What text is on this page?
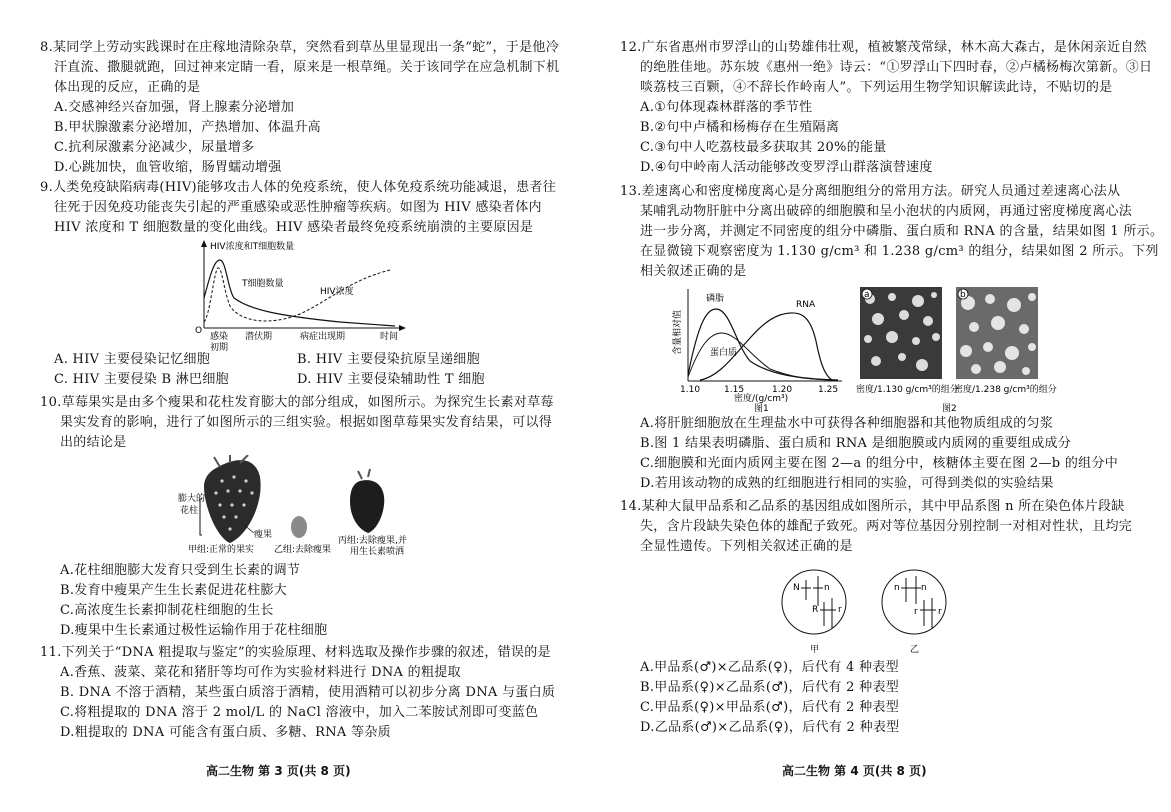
8.某同学上劳动实践课时在庄稼地清除杂草，突然看到草丛里显现出一条“蛇”，于是他冷
汗直流、撒腿就跑，回过神来定睛一看，原来是一根草绳。关于该同学在应急机制下机
体出现的反应，正确的是
A.交感神经兴奋加强，肾上腺素分泌增加
B.甲状腺激素分泌增加，产热增加、体温升高
C.抗利尿激素分泌减少，尿量增多
D.心跳加快，血管收缩，肠胃蠕动增强
9.人类免疫缺陷病毒(HIV)能够攻击人体的免疫系统，使人体免疫系统功能减退，患者往
往死于因免疫功能丧失引起的严重感染或恶性肿瘤等疾病。如图为 HIV 感染者体内
HIV 浓度和 T 细胞数量的变化曲线。HIV 感染者最终免疫系统崩溃的主要原因是
HIV浓度和T细胞数量
O
T细胞数量
HIV浓度
感染
初期
潜伏期	病症出现期	时间
A. HIV 主要侵染记忆细胞	B. HIV 主要侵染抗原呈递细胞
C. HIV 主要侵染 B 淋巴细胞	D. HIV 主要侵染辅助性 T 细胞
10.草莓果实是由多个瘦果和花柱发育膨大的部分组成，如图所示。为探究生长素对草莓
果实发育的影响，进行了如图所示的三组实验。根据如图草莓果实发育结果，可以得
出的结论是
膨大的
花柱
瘦果
甲组:正常的果实 乙组:去除瘦果
丙组:去除瘦果,并
用生长素喷洒
A.花柱细胞膨大发育只受到生长素的调节
B.发育中瘦果产生生长素促进花柱膨大
C.高浓度生长素抑制花柱细胞的生长
D.瘦果中生长素通过极性运输作用于花柱细胞
11.下列关于“DNA 粗提取与鉴定”的实验原理、材料选取及操作步骤的叙述，错误的是
A.香蕉、菠菜、菜花和猪肝等均可作为实验材料进行 DNA 的粗提取
B. DNA 不溶于酒精，某些蛋白质溶于酒精，使用酒精可以初步分离 DNA 与蛋白质
C.将粗提取的 DNA 溶于 2 mol/L 的 NaCl 溶液中，加入二苯胺试剂即可变蓝色
D.粗提取的 DNA 可能含有蛋白质、多糖、RNA 等杂质
高二生物 第 3 页(共 8 页)
12.广东省惠州市罗浮山的山势雄伟壮观，植被繁茂常绿，林木高大森古，是休闲亲近自然
的绝胜佳地。苏东坡《惠州一绝》诗云：“①罗浮山下四时春，②卢橘杨梅次第新。③日
啖荔枝三百颗，④不辞长作岭南人”。下列运用生物学知识解读此诗，不贴切的是
A.①句体现森林群落的季节性
B.②句中卢橘和杨梅存在生殖隔离
C.③句中人吃荔枝最多获取其 20%的能量
D.④句中岭南人活动能够改变罗浮山群落演替速度
13.差速离心和密度梯度离心是分离细胞组分的常用方法。研究人员通过差速离心法从
某哺乳动物肝脏中分离出破碎的细胞膜和呈小泡状的内质网，再通过密度梯度离心法
进一步分离，并测定不同密度的组分中磷脂、蛋白质和 RNA 的含量，结果如图 1 所示。
在显微镜下观察密度为 1.130 g/cm³ 和 1.238 g/cm³ 的组分，结果如图 2 所示。下列
相关叙述正确的是
含量相对值
磷脂
蛋白质
RNA
1.10	1.15	1.20	1.25
密度/(g/cm³)
图1
a	b
密度/1.130 g/cm³的组分
密度/1.238 g/cm³的组分
图2
A.将肝脏细胞放在生理盐水中可获得各种细胞器和其他物质组成的匀浆
B.图 1 结果表明磷脂、蛋白质和 RNA 是细胞膜或内质网的重要组成成分
C.细胞膜和光面内质网主要在图 2—a 的组分中，核糖体主要在图 2—b 的组分中
D.若用该动物的成熟的红细胞进行相同的实验，可得到类似的实验结果
14.某种大鼠甲品系和乙品系的基因组成如图所示，其中甲品系图 n 所在染色体片段缺
失，含片段缺失染色体的雄配子致死。两对等位基因分别控制一对相对性状，且均完
全显性遗传。下列相关叙述正确的是
N	n
R r
甲
n n
r r
乙
A.甲品系(♂)×乙品系(♀)，后代有 4 种表型
B.甲品系(♀)×乙品系(♂)，后代有 2 种表型
C.甲品系(♀)×甲品系(♂)，后代有 2 种表型
D.乙品系(♂)×乙品系(♀)，后代有 2 种表型
高二生物 第 4 页(共 8 页)
